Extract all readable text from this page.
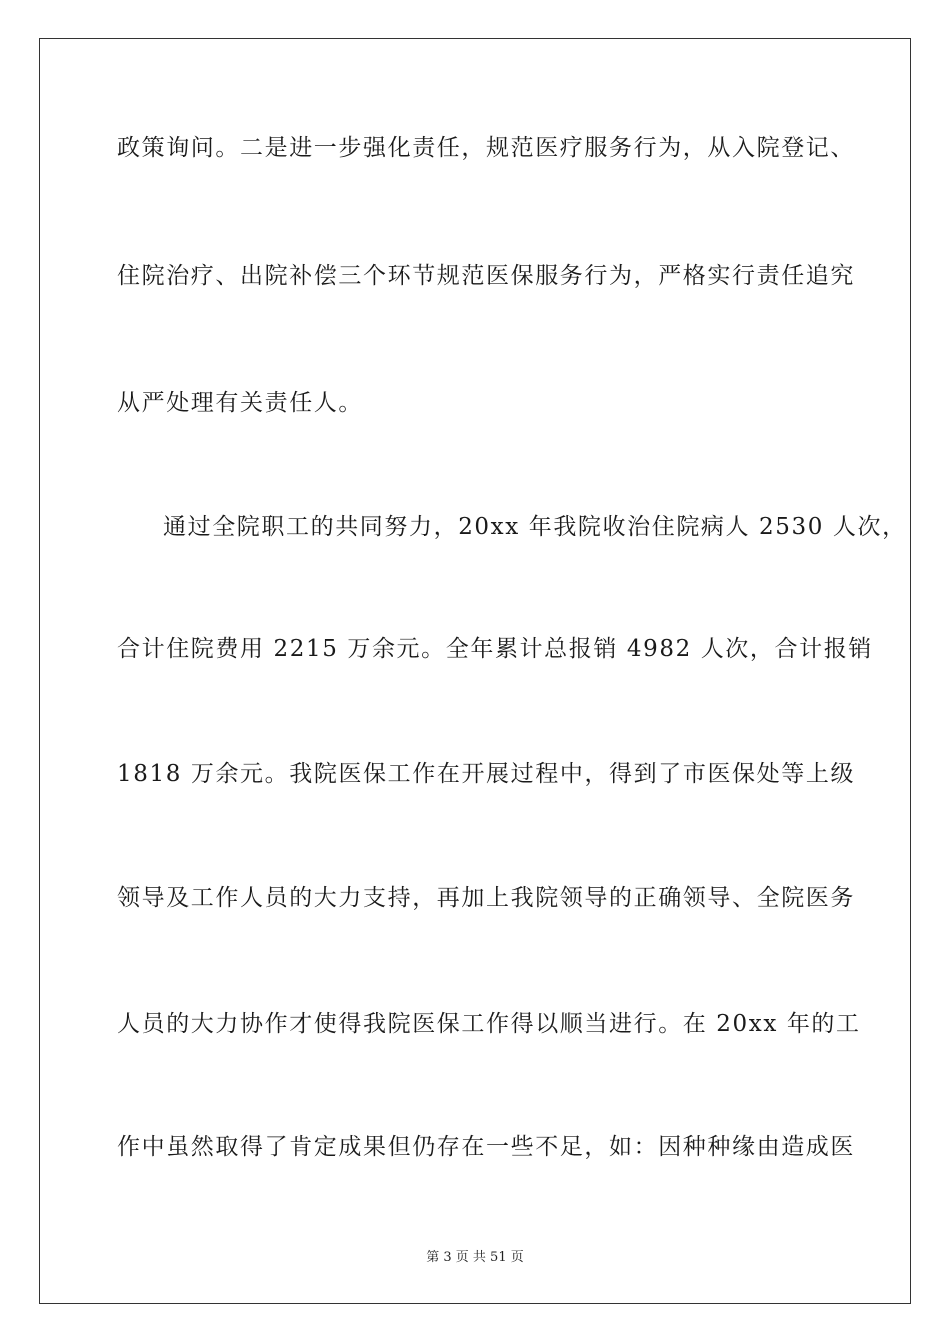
政策询问。二是进一步强化责任，规范医疗服务行为，从入院登记、
住院治疗、出院补偿三个环节规范医保服务行为，严格实行责任追究
从严处理有关责任人。
通过全院职工的共同努力，20xx 年我院收治住院病人 2530 人次，
合计住院费用 2215 万余元。全年累计总报销 4982 人次，合计报销
1818 万余元。我院医保工作在开展过程中，得到了市医保处等上级
领导及工作人员的大力支持，再加上我院领导的正确领导、全院医务
人员的大力协作才使得我院医保工作得以顺当进行。在 20xx 年的工
作中虽然取得了肯定成果但仍存在一些不足，如：因种种缘由造成医
第 3 页 共 51 页
